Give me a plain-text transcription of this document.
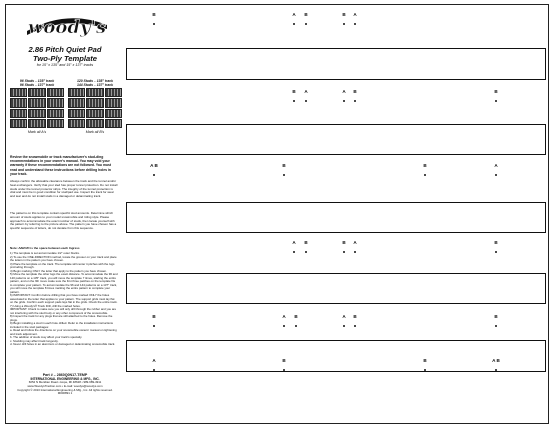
woody's
2.86 Pitch Quiet Pad
Two-Ply Template
for 15" x 135" and 15" x 137" tracks
96 Studs – 135" track
96 Studs – 137" track
Mark all A's
120 Studs – 135" track
144 Studs – 137" track
Mark all B's
Review the snowmobile or track manufacturer's stud-ding recommendations in your owner's manual. You may void your warranty if these recommendations are not followed. You must read and understand these instructions before drilling holes in your track.
Always confirm the allowable clearance between the track and the tunnel and/or heat exchangers. Verify that your sled has proper tunnel protection. Do not install studs under the tunnel protector strips. The integrity of the tunnel protection is vital and must be in good condition for stud/pad use. Inspect the track for wear and tear and do not install studs in a damaged or delaminating track.
The patterns on this template contain specific stud amounts. Determine which amount of studs applies to your model snowmobile and riding style. Please approach to accommodate the exact number of studs, then locate yourself with the pattern by referring to the picture above. The pattern you have chosen has a specific sequence of letters, do not deviate from this sequence.
Note: A/B/C/D is the space between each Ingress

1) The template is set accommodate 1/2" outer blocks.

2) To use the ONE-DIRECTION method, locate the grouser on your track and place the letters in the pattern you have chosen.

3) Place the template on the track. The template will center it pitches with the lugs protruding through.

4) Begin marking ONLY the letter that apply to the pattern you have chosen.

5) Move the template the other lugs the exact distance. To accommodate the 96 and 120 patterns on a 135" track, you will move the template 7 times, starting the entire pattern, and on the 9th move make sure the first three patches on the template fits to complete your pattern. To accommodate the 96 and 144 patterns on a 137" track, you will move the template 8 times marking the entire pattern to complete your pattern.

6) IMPORTANT: Confirm before drilling that you have marked ONLY the holes associated to the letter that applies to your pattern. The support grids must lay flat on the grids. Confirm each support pads lays flat in the grids. Check the entire track.

7) Using a Woody's® Track Drill, drill the marked holes.

IMPORTANT: Check to make sure you will only drill through the rubber and you are not interfering with the stud body or any other component of the snowmobile.

8) Inspect the track for any plugs that are still attached to the holes. Remove the plugs.

9) Begin installing a stud in each hole drilled. Refer to the installation instructions included in the stud packages:

a. Read and follow the directions on your snowmobile owners' manual on tightening and track adjustment.

b. The addition of studs may affect your track's specialty.

c. Studding may affect track longevity.

d. Never drill holes in an aluminum or damaged or delaminating snowmobile track.

Part # – 2860Q0N17-TEMP
INTERNATIONAL ENGINEERING & MFG., INC.
6054 N Meridian Road • Hope, MI 48628 • 989-689-4911
www.WoodysTraction.com • E-mail: woodys@woodys.com
Copyright © 2013 International Engineering & Mfg., Inc. All rights reserved.
M000891 1
B	A B	B A
B A	A B	B
A B	B	B	A
A B	B A	B
B	A B	A B	B
A	B	B	A B
